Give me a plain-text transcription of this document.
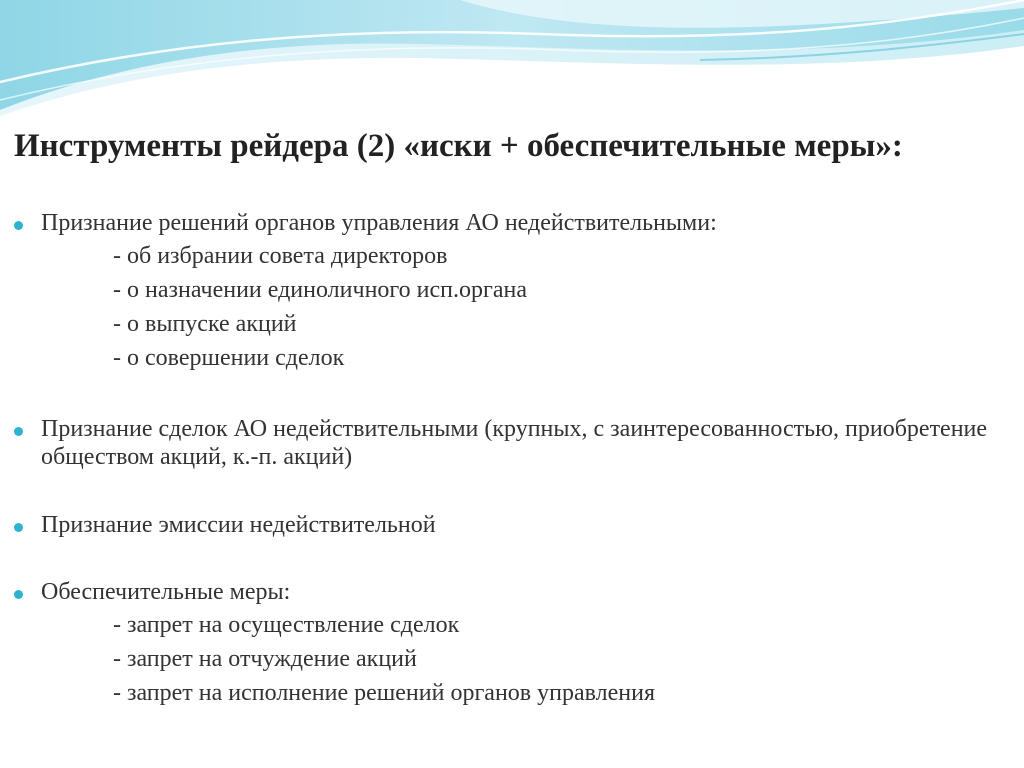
Инструменты рейдера (2) «иски + обеспечительные меры»:
Признание решений органов управления АО недействительными:
- об избрании совета директоров
- о назначении единоличного исп.органа
- о выпуске акций
- о совершении сделок
Признание сделок АО недействительными (крупных, с заинтересованностью, приобретение обществом акций, к.-п. акций)
Признание эмиссии недействительной
Обеспечительные меры:
- запрет на осуществление сделок
- запрет на отчуждение акций
- запрет на исполнение решений органов управления
